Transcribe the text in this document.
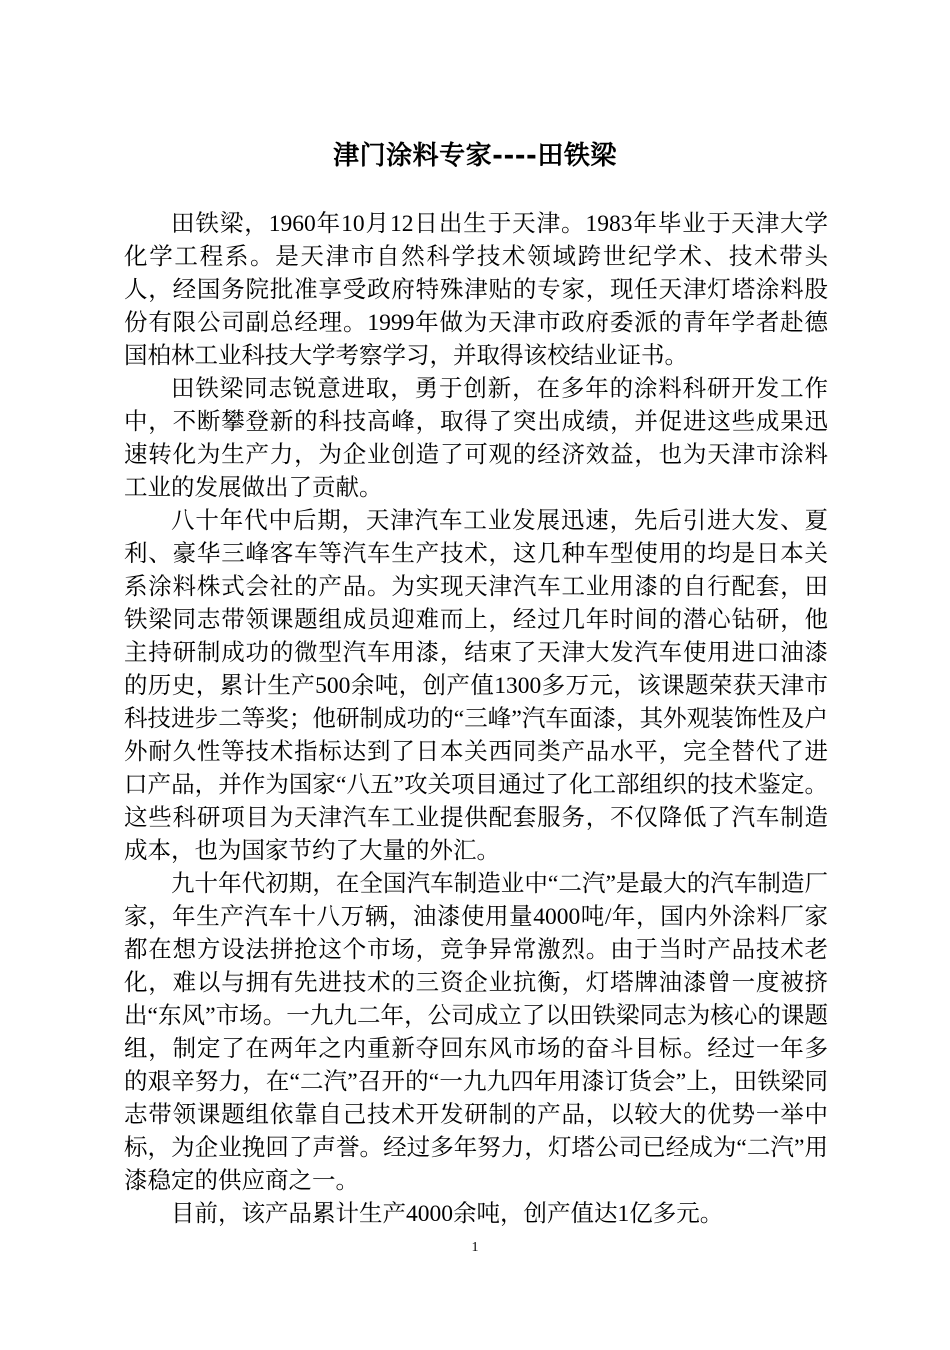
津门涂料专家----田铁梁

田铁梁，1960年10月12日出生于天津。1983年毕业于天津大学化学工程系。是天津市自然科学技术领域跨世纪学术、技术带头人，经国务院批准享受政府特殊津贴的专家，现任天津灯塔涂料股份有限公司副总经理。1999年做为天津市政府委派的青年学者赴德国柏林工业科技大学考察学习，并取得该校结业证书。

田铁梁同志锐意进取，勇于创新，在多年的涂料科研开发工作中，不断攀登新的科技高峰，取得了突出成绩，并促进这些成果迅速转化为生产力，为企业创造了可观的经济效益，也为天津市涂料工业的发展做出了贡献。

八十年代中后期，天津汽车工业发展迅速，先后引进大发、夏利、豪华三峰客车等汽车生产技术，这几种车型使用的均是日本关系涂料株式会社的产品。为实现天津汽车工业用漆的自行配套，田铁梁同志带领课题组成员迎难而上，经过几年时间的潜心钻研，他主持研制成功的微型汽车用漆，结束了天津大发汽车使用进口油漆的历史，累计生产500余吨，创产值1300多万元，该课题荣获天津市科技进步二等奖；他研制成功的“三峰”汽车面漆，其外观装饰性及户外耐久性等技术指标达到了日本关西同类产品水平，完全替代了进口产品，并作为国家“八五”攻关项目通过了化工部组织的技术鉴定。这些科研项目为天津汽车工业提供配套服务，不仅降低了汽车制造成本，也为国家节约了大量的外汇。

九十年代初期，在全国汽车制造业中“二汽”是最大的汽车制造厂家，年生产汽车十八万辆，油漆使用量4000吨/年，国内外涂料厂家都在想方设法拼抢这个市场，竞争异常激烈。由于当时产品技术老化，难以与拥有先进技术的三资企业抗衡，灯塔牌油漆曾一度被挤出“东风”市场。一九九二年，公司成立了以田铁梁同志为核心的课题组，制定了在两年之内重新夺回东风市场的奋斗目标。经过一年多的艰辛努力，在“二汽”召开的“一九九四年用漆订货会”上，田铁梁同志带领课题组依靠自己技术开发研制的产品，以较大的优势一举中标，为企业挽回了声誉。经过多年努力，灯塔公司已经成为“二汽”用漆稳定的供应商之一。

目前，该产品累计生产4000余吨，创产值达1亿多元。

1
